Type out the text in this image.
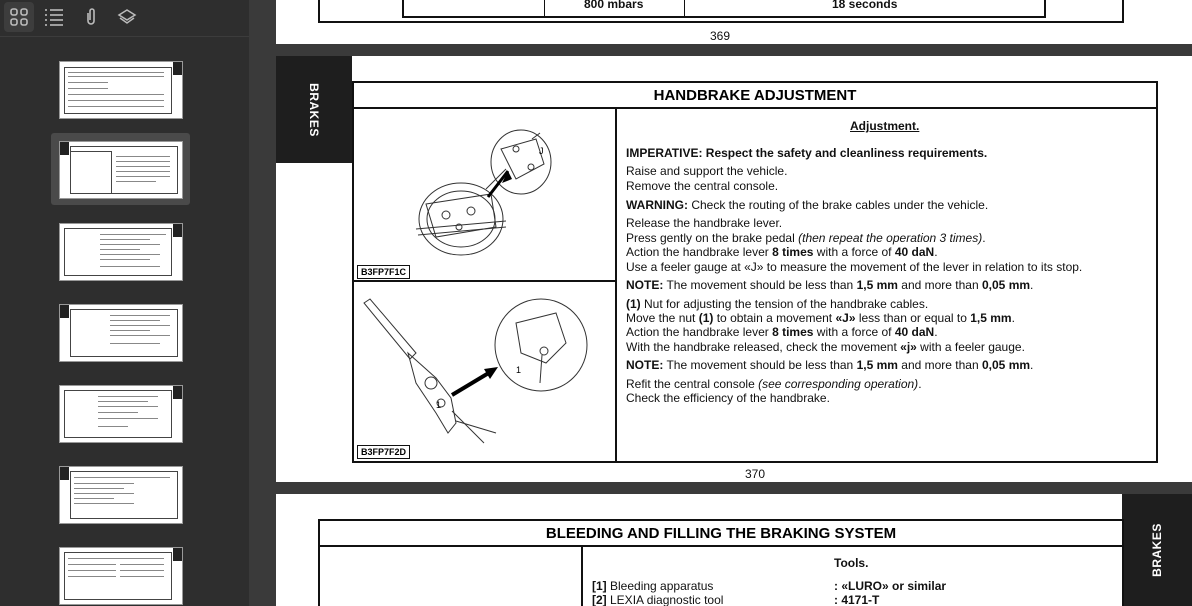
800 mbars	18 seconds
369
BRAKES	HANDBRAKE ADJUSTMENT
J
B3FP7F1C
1
1
B3FP7F2D
Adjustment.
IMPERATIVE: Respect the safety and cleanliness requirements.
Raise and support the vehicle.
Remove the central console.
WARNING: Check the routing of the brake cables under the vehicle.
Release the handbrake lever.
Press gently on the brake pedal (then repeat the operation 3 times).
Action the handbrake lever 8 times with a force of 40 daN.
Use a feeler gauge at «J» to measure the movement of the lever in relation to its stop.
NOTE: The movement should be less than 1,5 mm and more than 0,05 mm.
(1) Nut for adjusting the tension of the handbrake cables.
Move the nut (1) to obtain a movement «J» less than or equal to 1,5 mm.
Action the handbrake lever 8 times with a force of 40 daN.
With the handbrake released, check the movement «j» with a feeler gauge.
NOTE: The movement should be less than 1,5 mm and more than 0,05 mm.
Refit the central console (see corresponding operation).
Check the efficiency of the handbrake.
370
BRAKES
BLEEDING AND FILLING THE BRAKING SYSTEM
Tools.
[1] Bleeding apparatus	: «LURO» or similar
[2] LEXIA diagnostic tool	: 4171-T
